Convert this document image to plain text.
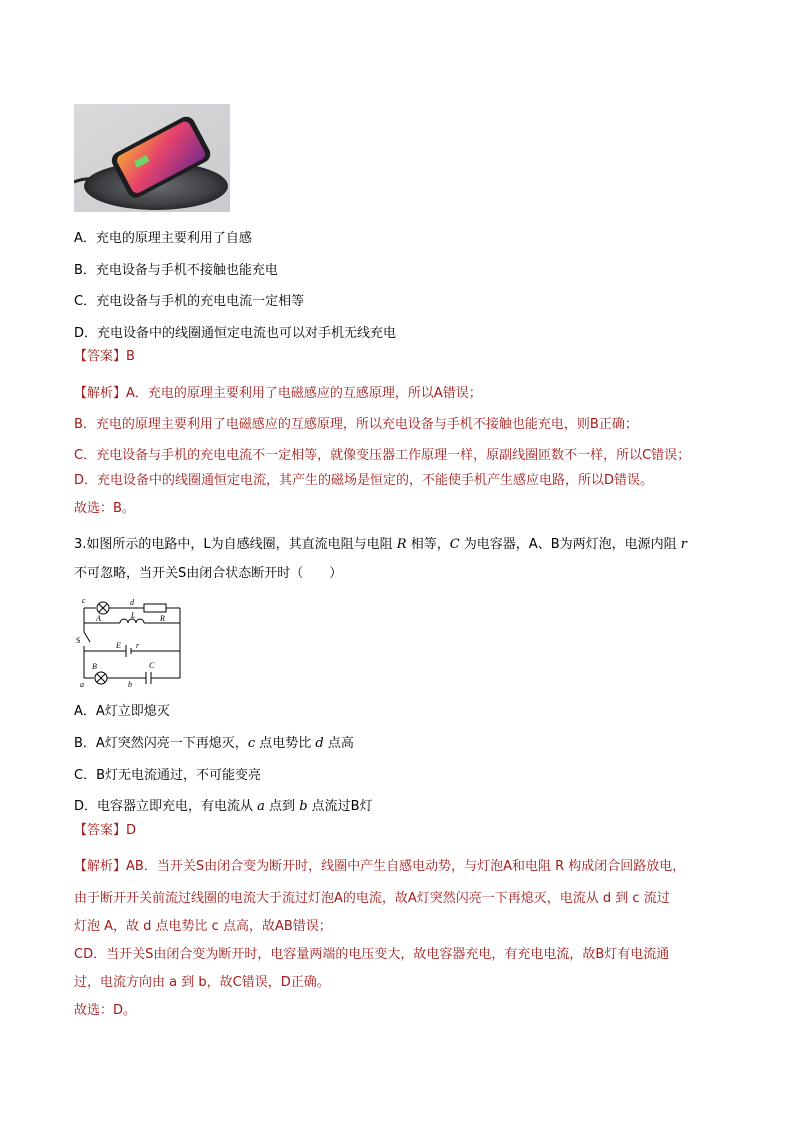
A．充电的原理主要利用了自感
B．充电设备与手机不接触也能充电
C．充电设备与手机的充电电流一定相等
D．充电设备中的线圈通恒定电流也可以对手机无线充电
【答案】B
【解析】A．充电的原理主要利用了电磁感应的互感原理，所以A错误；
B．充电的原理主要利用了电磁感应的互感原理，所以充电设备与手机不接触也能充电，则B正确；
C．充电设备与手机的充电电流不一定相等，就像变压器工作原理一样，原副线圈匝数不一样，所以C错误；
D．充电设备中的线圈通恒定电流，其产生的磁场是恒定的，不能使手机产生感应电路，所以D错误。
故选：B。
3.如图所示的电路中，L为自感线圈，其直流电阻与电阻 R 相等，C 为电容器，A、B为两灯泡，电源内阻 r
不可忽略，当开关S由闭合状态断开时（　　）
c	d
A	R
L
S
E r
B	C
a	b
A．A灯立即熄灭
B．A灯突然闪亮一下再熄灭，c 点电势比 d 点高
C．B灯无电流通过，不可能变亮
D．电容器立即充电，有电流从 a 点到 b 点流过B灯
【答案】D
【解析】AB．当开关S由闭合变为断开时，线圈中产生自感电动势，与灯泡A和电阻 R 构成闭合回路放电，
由于断开开关前流过线圈的电流大于流过灯泡A的电流，故A灯突然闪亮一下再熄灭，电流从 d 到 c 流过
灯泡 A，故 d 点电势比 c 点高，故AB错误；
CD．当开关S由闭合变为断开时，电容量两端的电压变大，故电容器充电，有充电电流，故B灯有电流通
过，电流方向由 a 到 b，故C错误，D正确。
故选：D。
